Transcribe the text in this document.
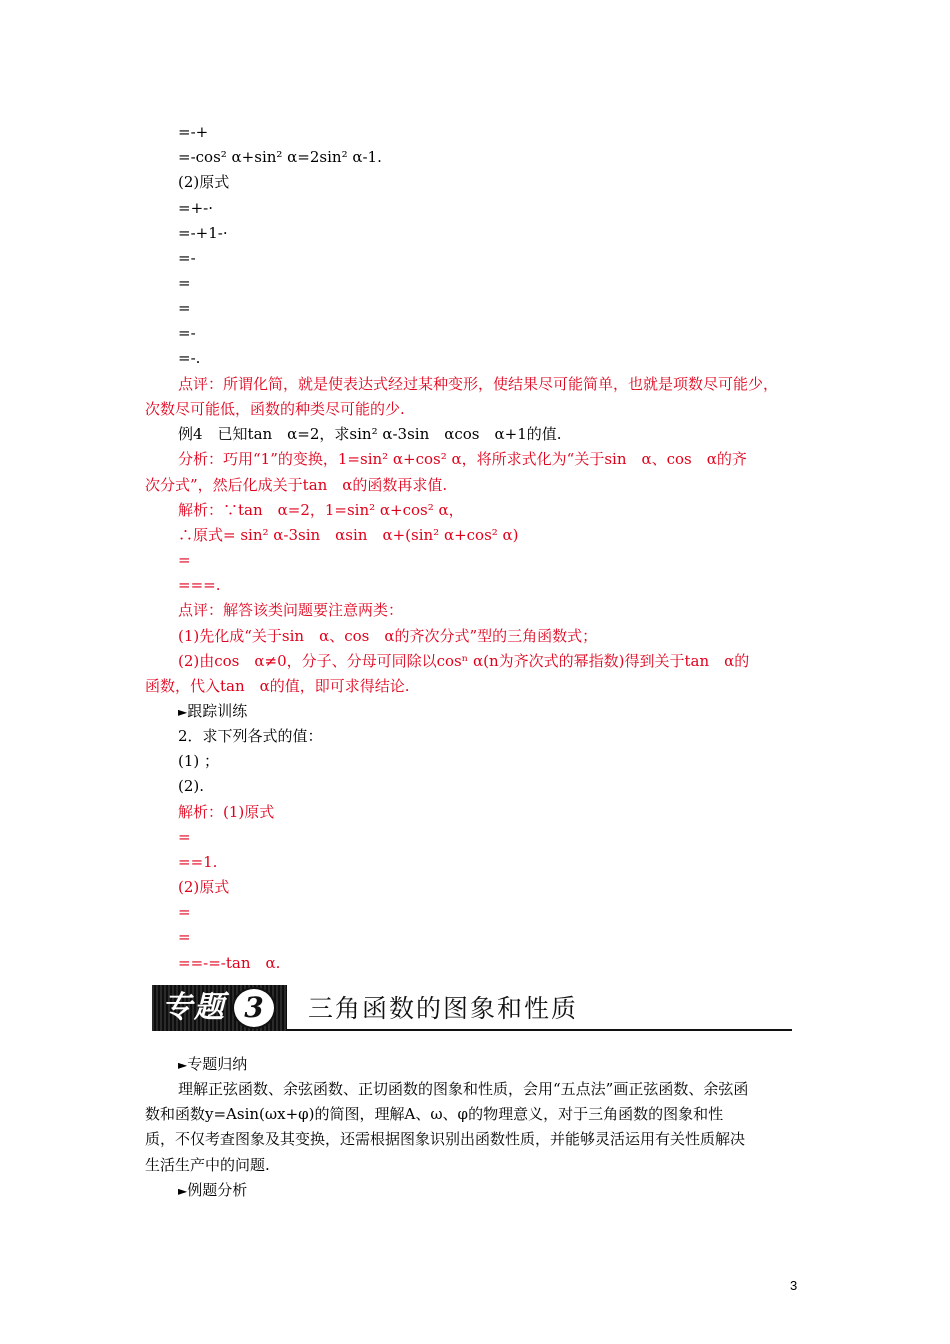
=-+
=-cos² α+sin² α=2sin² α-1.
(2)原式
=+-·
=-+1-·
=-
=
=
=-
=-.
点评：所谓化简，就是使表达式经过某种变形，使结果尽可能简单，也就是项数尽可能少，
次数尽可能低，函数的种类尽可能的少.
例4　已知tan　α=2，求sin² α-3sin　αcos　α+1的值.
分析：巧用“1”的变换，1=sin² α+cos² α，将所求式化为“关于sin　α、cos　α的齐
次分式”，然后化成关于tan　α的函数再求值.
解析：∵tan　α=2，1=sin² α+cos² α，
∴原式= sin² α-3sin　αsin　α+(sin² α+cos² α)
=
===.
点评：解答该类问题要注意两类：
(1)先化成“关于sin　α、cos　α的齐次分式”型的三角函数式；
(2)由cos　α≠0，分子、分母可同除以cosⁿ α(n为齐次式的幂指数)得到关于tan　α的
函数，代入tan　α的值，即可求得结论.
►跟踪训练
2．求下列各式的值：
(1) ；
(2).
解析：(1)原式
=
==1.
(2)原式
=
=
==-=-tan　α.
专题 3	三角函数的图象和性质
►专题归纳
理解正弦函数、余弦函数、正切函数的图象和性质，会用“五点法”画正弦函数、余弦函
数和函数y=Asin(ωx+φ)的简图，理解A、ω、φ的物理意义，对于三角函数的图象和性
质，不仅考查图象及其变换，还需根据图象识别出函数性质，并能够灵活运用有关性质解决
生活生产中的问题.
►例题分析
3
